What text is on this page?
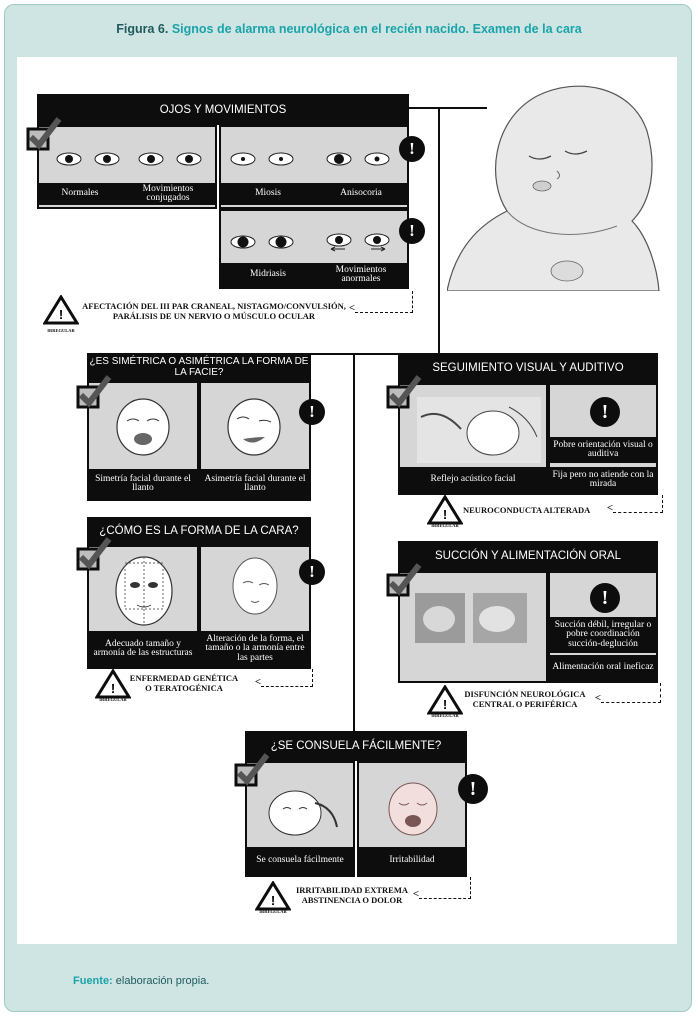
Figura 6. Signos de alarma neurológica en el recién nacido. Examen de la cara
OJOS Y MOVIMIENTOS
Normales	Movimientos conjugados
!
Miosis	Anisocoria
!
Midriasis	Movimientos anormales
!
IRREGULAR
AFECTACIÓN DEL III PAR CRANEAL, NISTAGMO/CONVULSIÓN, PARÁLISIS DE UN NERVIO O MÚSCULO OCULAR
<
¿ES SIMÉTRICA O ASIMÉTRICA LA FORMA DE LA FACIE?
!
Simetría facial durante el llanto
Asimetría facial durante el llanto
¿CÓMO ES LA FORMA DE LA CARA?
!
Adecuado tamaño y armonía de las estructuras
Alteración de la forma, el tamaño o la armonía entre las partes
!
IRREGULAR
ENFERMEDAD GENÉTICA O TERATOGÉNICA	<
SEGUIMIENTO VISUAL Y AUDITIVO
!
Reflejo acústico facial
Pobre orientación visual o auditiva
Fija pero no atiende con la mirada
!
IRREGULAR
NEUROCONDUCTA ALTERADA	<
SUCCIÓN Y ALIMENTACIÓN ORAL
!
Succión débil, irregular o pobre coordinación succión-deglución
Alimentación oral ineficaz
!
IRREGULAR
DISFUNCIÓN NEUROLÓGICA CENTRAL O PERIFÉRICA	<
¿SE CONSUELA FÁCILMENTE?
!
Se consuela fácilmente	Irritabilidad
!
IRREGULAR
IRRITABILIDAD EXTREMA ABSTINENCIA O DOLOR <
Fuente: elaboración propia.
